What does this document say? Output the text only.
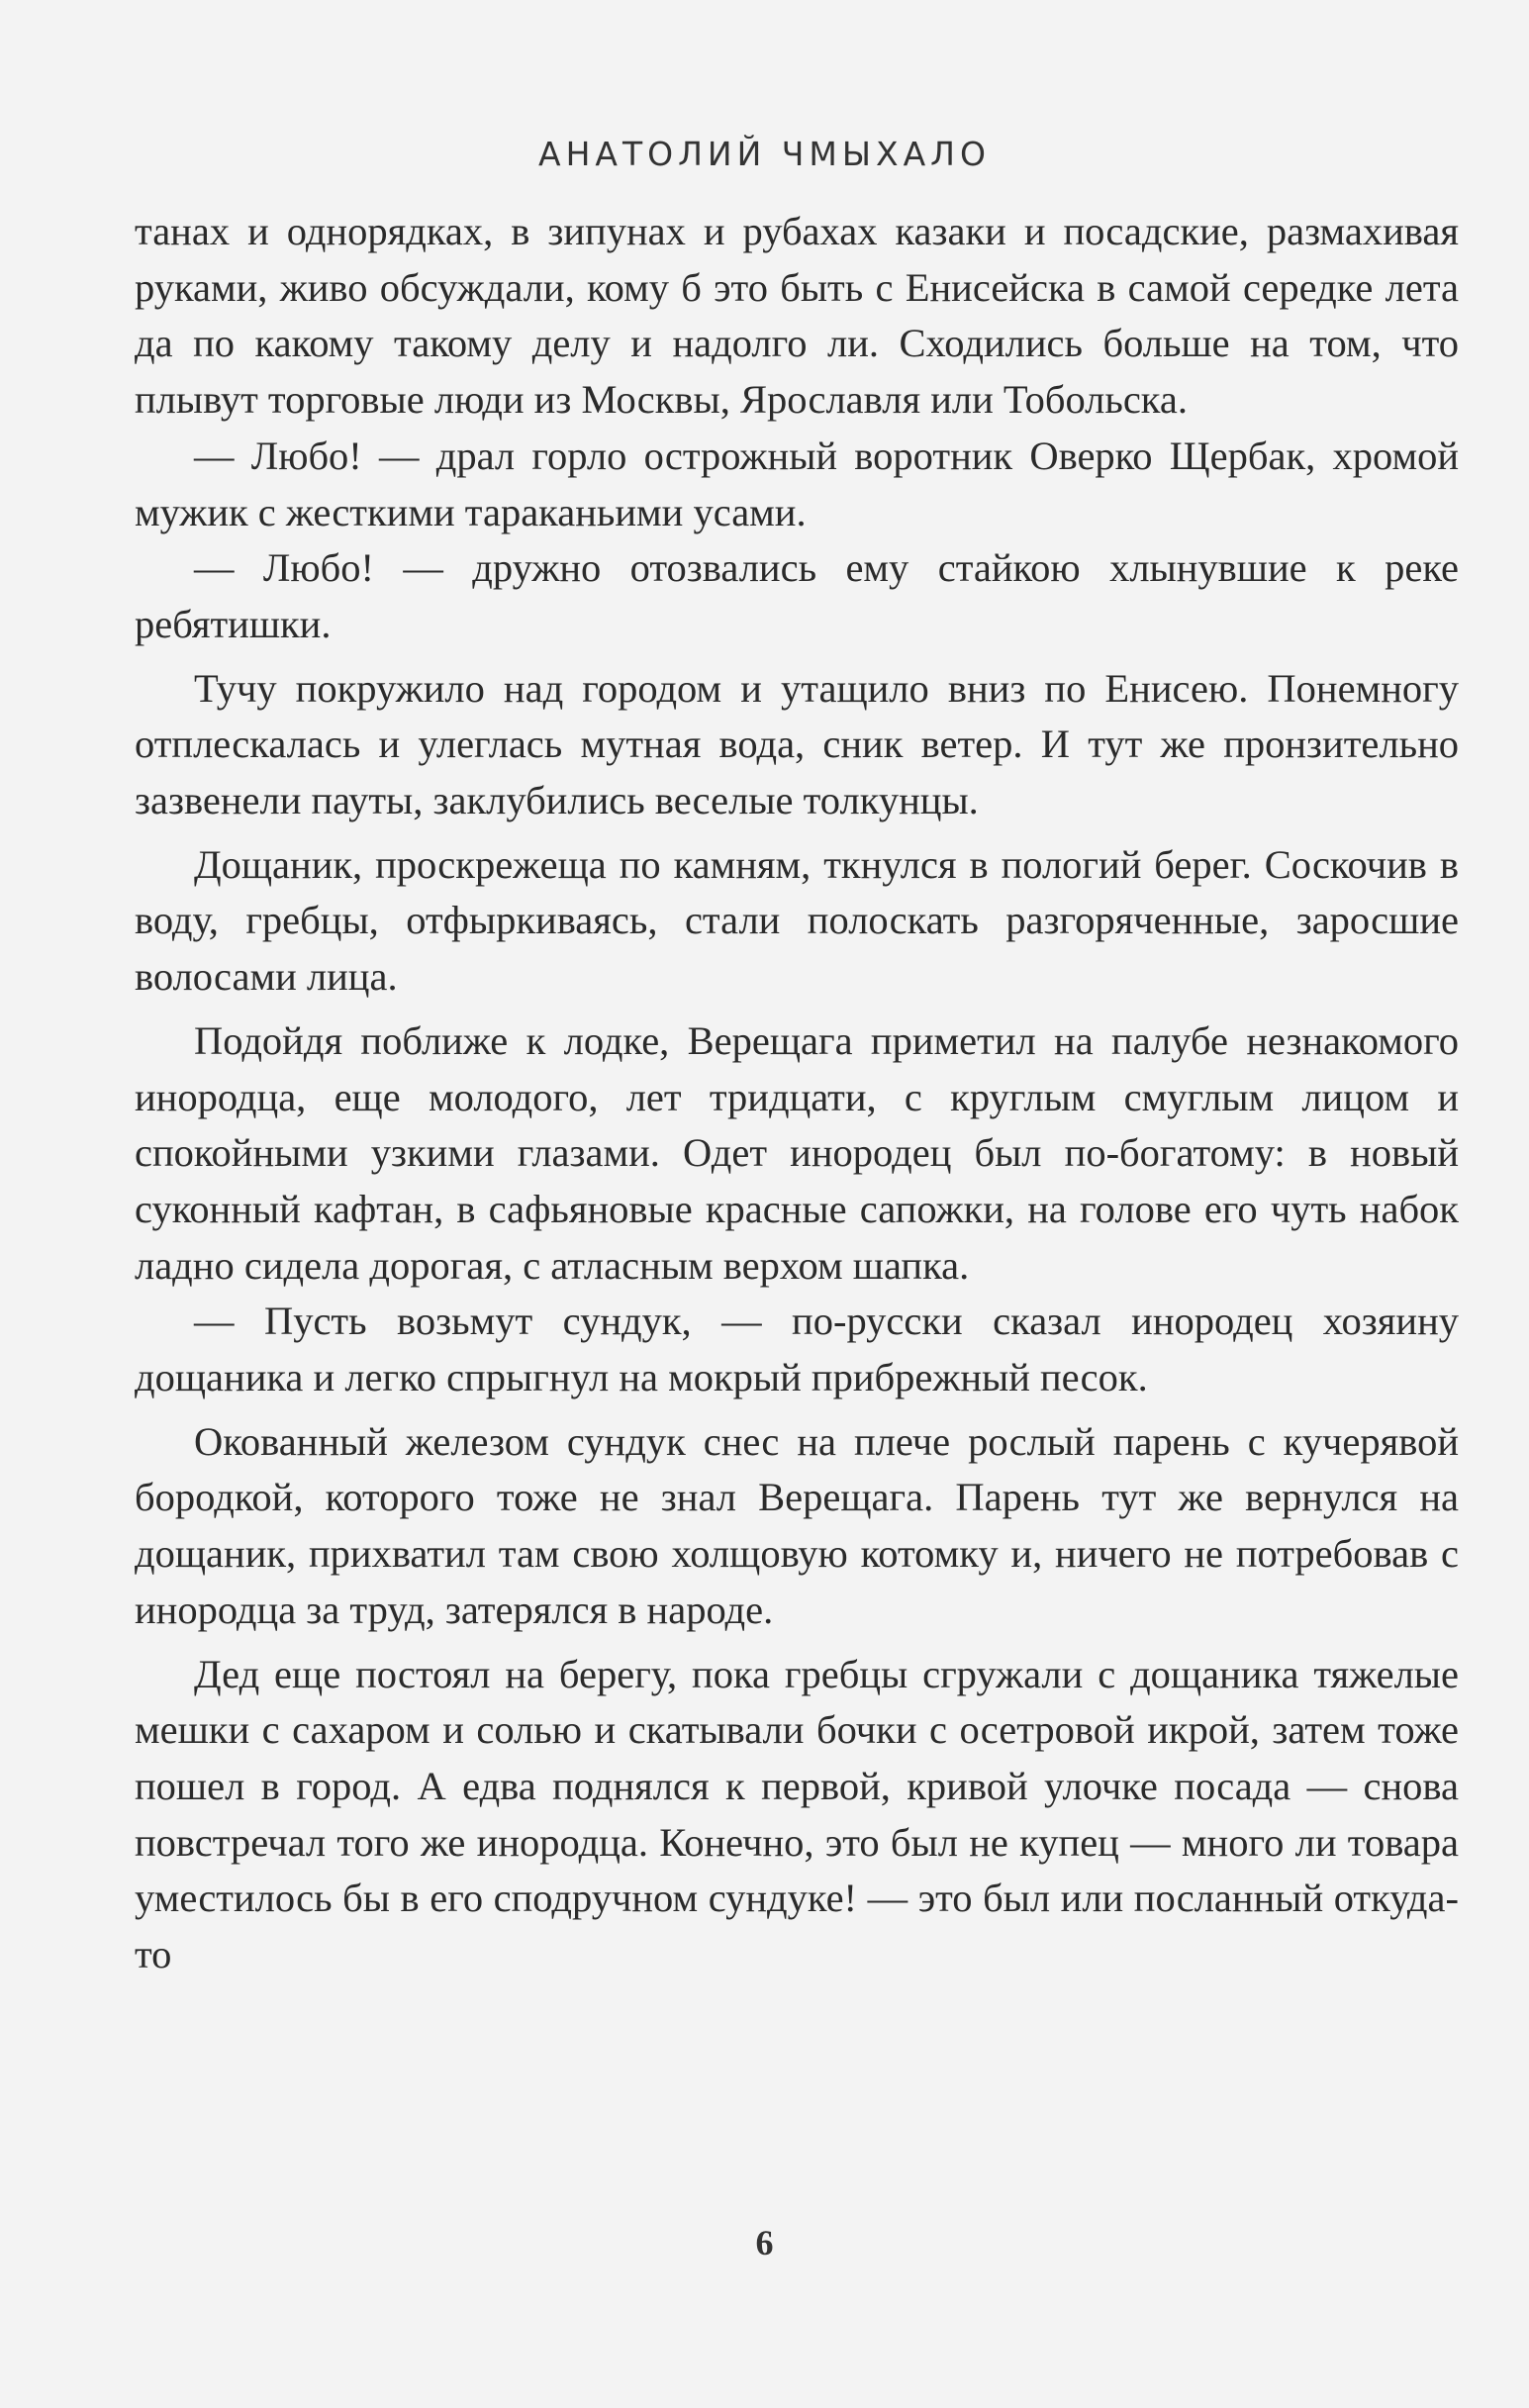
АНАТОЛИЙ ЧМЫХАЛО

танах и однорядках, в зипунах и рубахах казаки и посадские, размахивая руками, живо обсуждали, кому б это быть с Енисейска в самой середке лета да по какому такому делу и надолго ли. Сходились больше на том, что плывут торговые люди из Москвы, Ярославля или Тобольска.

— Любо! — драл горло острожный воротник Оверко Щербак, хромой мужик с жесткими тараканьими усами.

— Любо! — дружно отозвались ему стайкою хлынувшие к реке ребятишки.

Тучу покружило над городом и утащило вниз по Енисею. Понемногу отплескалась и улеглась мутная вода, сник ветер. И тут же пронзительно зазвенели пауты, заклубились веселые толкунцы.

Дощаник, проскрежеща по камням, ткнулся в пологий берег. Соскочив в воду, гребцы, отфыркиваясь, стали полоскать разгоряченные, заросшие волосами лица.

Подойдя поближе к лодке, Верещага приметил на палубе незнакомого инородца, еще молодого, лет тридцати, с круглым смуглым лицом и спокойными узкими глазами. Одет инородец был по-богатому: в новый суконный кафтан, в сафьяновые красные сапожки, на голове его чуть набок ладно сидела дорогая, с атласным верхом шапка.

— Пусть возьмут сундук, — по-русски сказал инородец хозяину дощаника и легко спрыгнул на мокрый прибрежный песок.

Окованный железом сундук снес на плече рослый парень с кучерявой бородкой, которого тоже не знал Верещага. Парень тут же вернулся на дощаник, прихватил там свою холщовую котомку и, ничего не потребовав с инородца за труд, затерялся в народе.

Дед еще постоял на берегу, пока гребцы сгружали с дощаника тяжелые мешки с сахаром и солью и скатывали бочки с осетровой икрой, затем тоже пошел в город. А едва поднялся к первой, кривой улочке посада — снова повстречал того же инородца. Конечно, это был не купец — много ли товара уместилось бы в его сподручном сундуке! — это был или посланный откуда-то

6
